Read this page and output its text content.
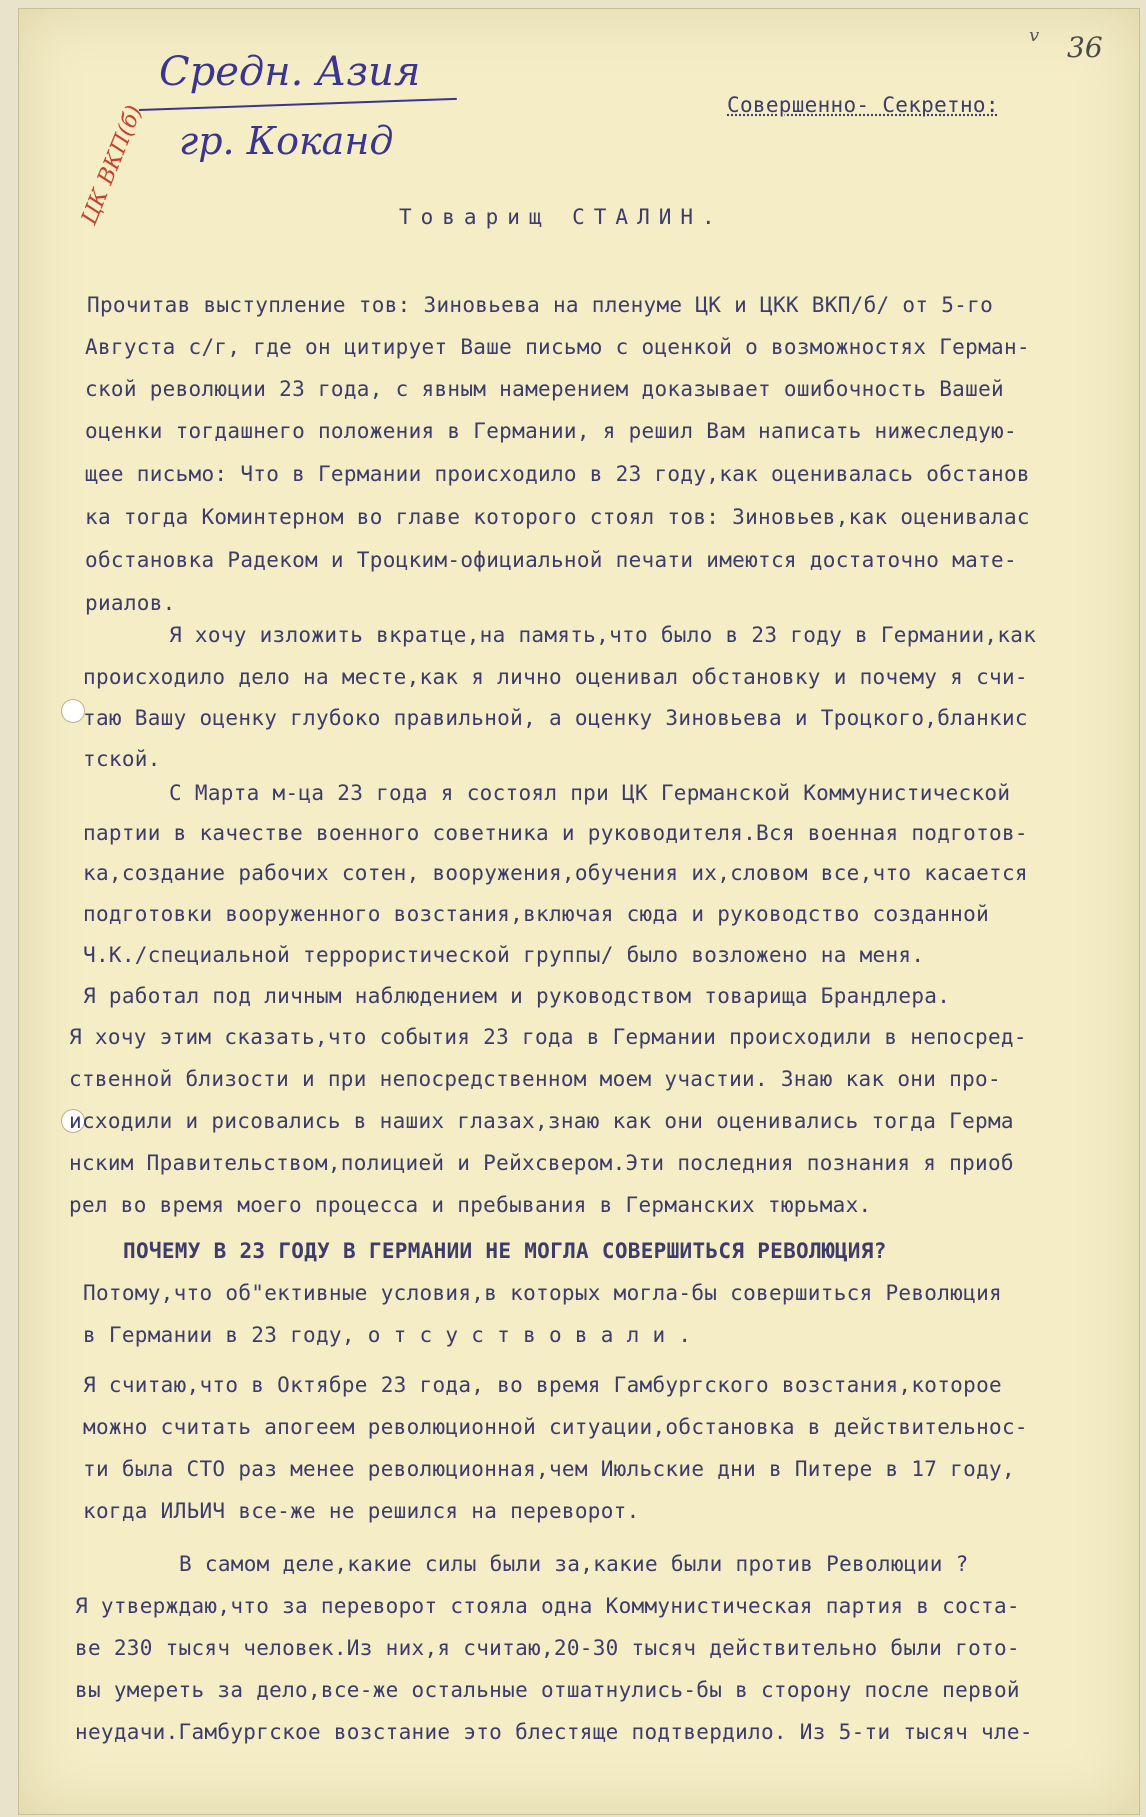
v 36
ЦК ВКП(б)
Средн. Азия
гр. Коканд
Совершенно- Секретно:
Товарищ СТАЛИН.
Прочитав выступление тов: Зиновьева на пленуме ЦК и ЦКК ВКП/б/ от 5-го
Августа с/г, где он цитирует Ваше письмо с оценкой о возможностях Герман-
ской революции 23 года, с явным намерением доказывает ошибочность Вашей
оценки тогдашнего положения в Германии, я решил Вам написать нижеследую-
щее письмо: Что в Германии происходило в 23 году,как оценивалась обстанов
ка тогда Коминтерном во главе которого стоял тов: Зиновьев,как оценивалас
обстановка Радеком и Троцким-официальной печати имеются достаточно мате-
риалов.
Я хочу изложить вкратце,на память,что было в 23 году в Германии,как
происходило дело на месте,как я лично оценивал обстановку и почему я счи-
таю Вашу оценку глубоко правильной, а оценку Зиновьева и Троцкого,бланкис
тской.
С Марта м-ца 23 года я состоял при ЦК Германской Коммунистической
партии в качестве военного советника и руководителя.Вся военная подготов-
ка,создание рабочих сотен, вооружения,обучения их,словом все,что касается
подготовки вооруженного возстания,включая сюда и руководство созданной
Ч.К./специальной террористической группы/ было возложено на меня.
Я работал под личным наблюдением и руководством товарища Брандлера.
Я хочу этим сказать,что события 23 года в Германии происходили в непосред-
ственной близости и при непосредственном моем участии. Знаю как они про-
исходили и рисовались в наших глазах,знаю как они оценивались тогда Герма
нским Правительством,полицией и Рейхсвером.Эти последния познания я приоб
рел во время моего процесса и пребывания в Германских тюрьмах.
ПОЧЕМУ В 23 ГОДУ В ГЕРМАНИИ НЕ МОГЛА СОВЕРШИТЬСЯ РЕВОЛЮЦИЯ?
Потому,что об"ективные условия,в которых могла-бы совершиться Революция
в Германии в 23 году, о т с у с т в о в а л и .
Я считаю,что в Октябре 23 года, во время Гамбургского возстания,которое
можно считать апогеем революционной ситуации,обстановка в действительнос-
ти была СТО раз менее революционная,чем Июльские дни в Питере в 17 году,
когда ИЛЬИЧ все-же не решился на переворот.
В самом деле,какие силы были за,какие были против Революции ?
Я утверждаю,что за переворот стояла одна Коммунистическая партия в соста-
ве 230 тысяч человек.Из них,я считаю,20-30 тысяч действительно были гото-
вы умереть за дело,все-же остальные отшатнулись-бы в сторону после первой
неудачи.Гамбургское возстание это блестяще подтвердило. Из 5-ти тысяч чле-
